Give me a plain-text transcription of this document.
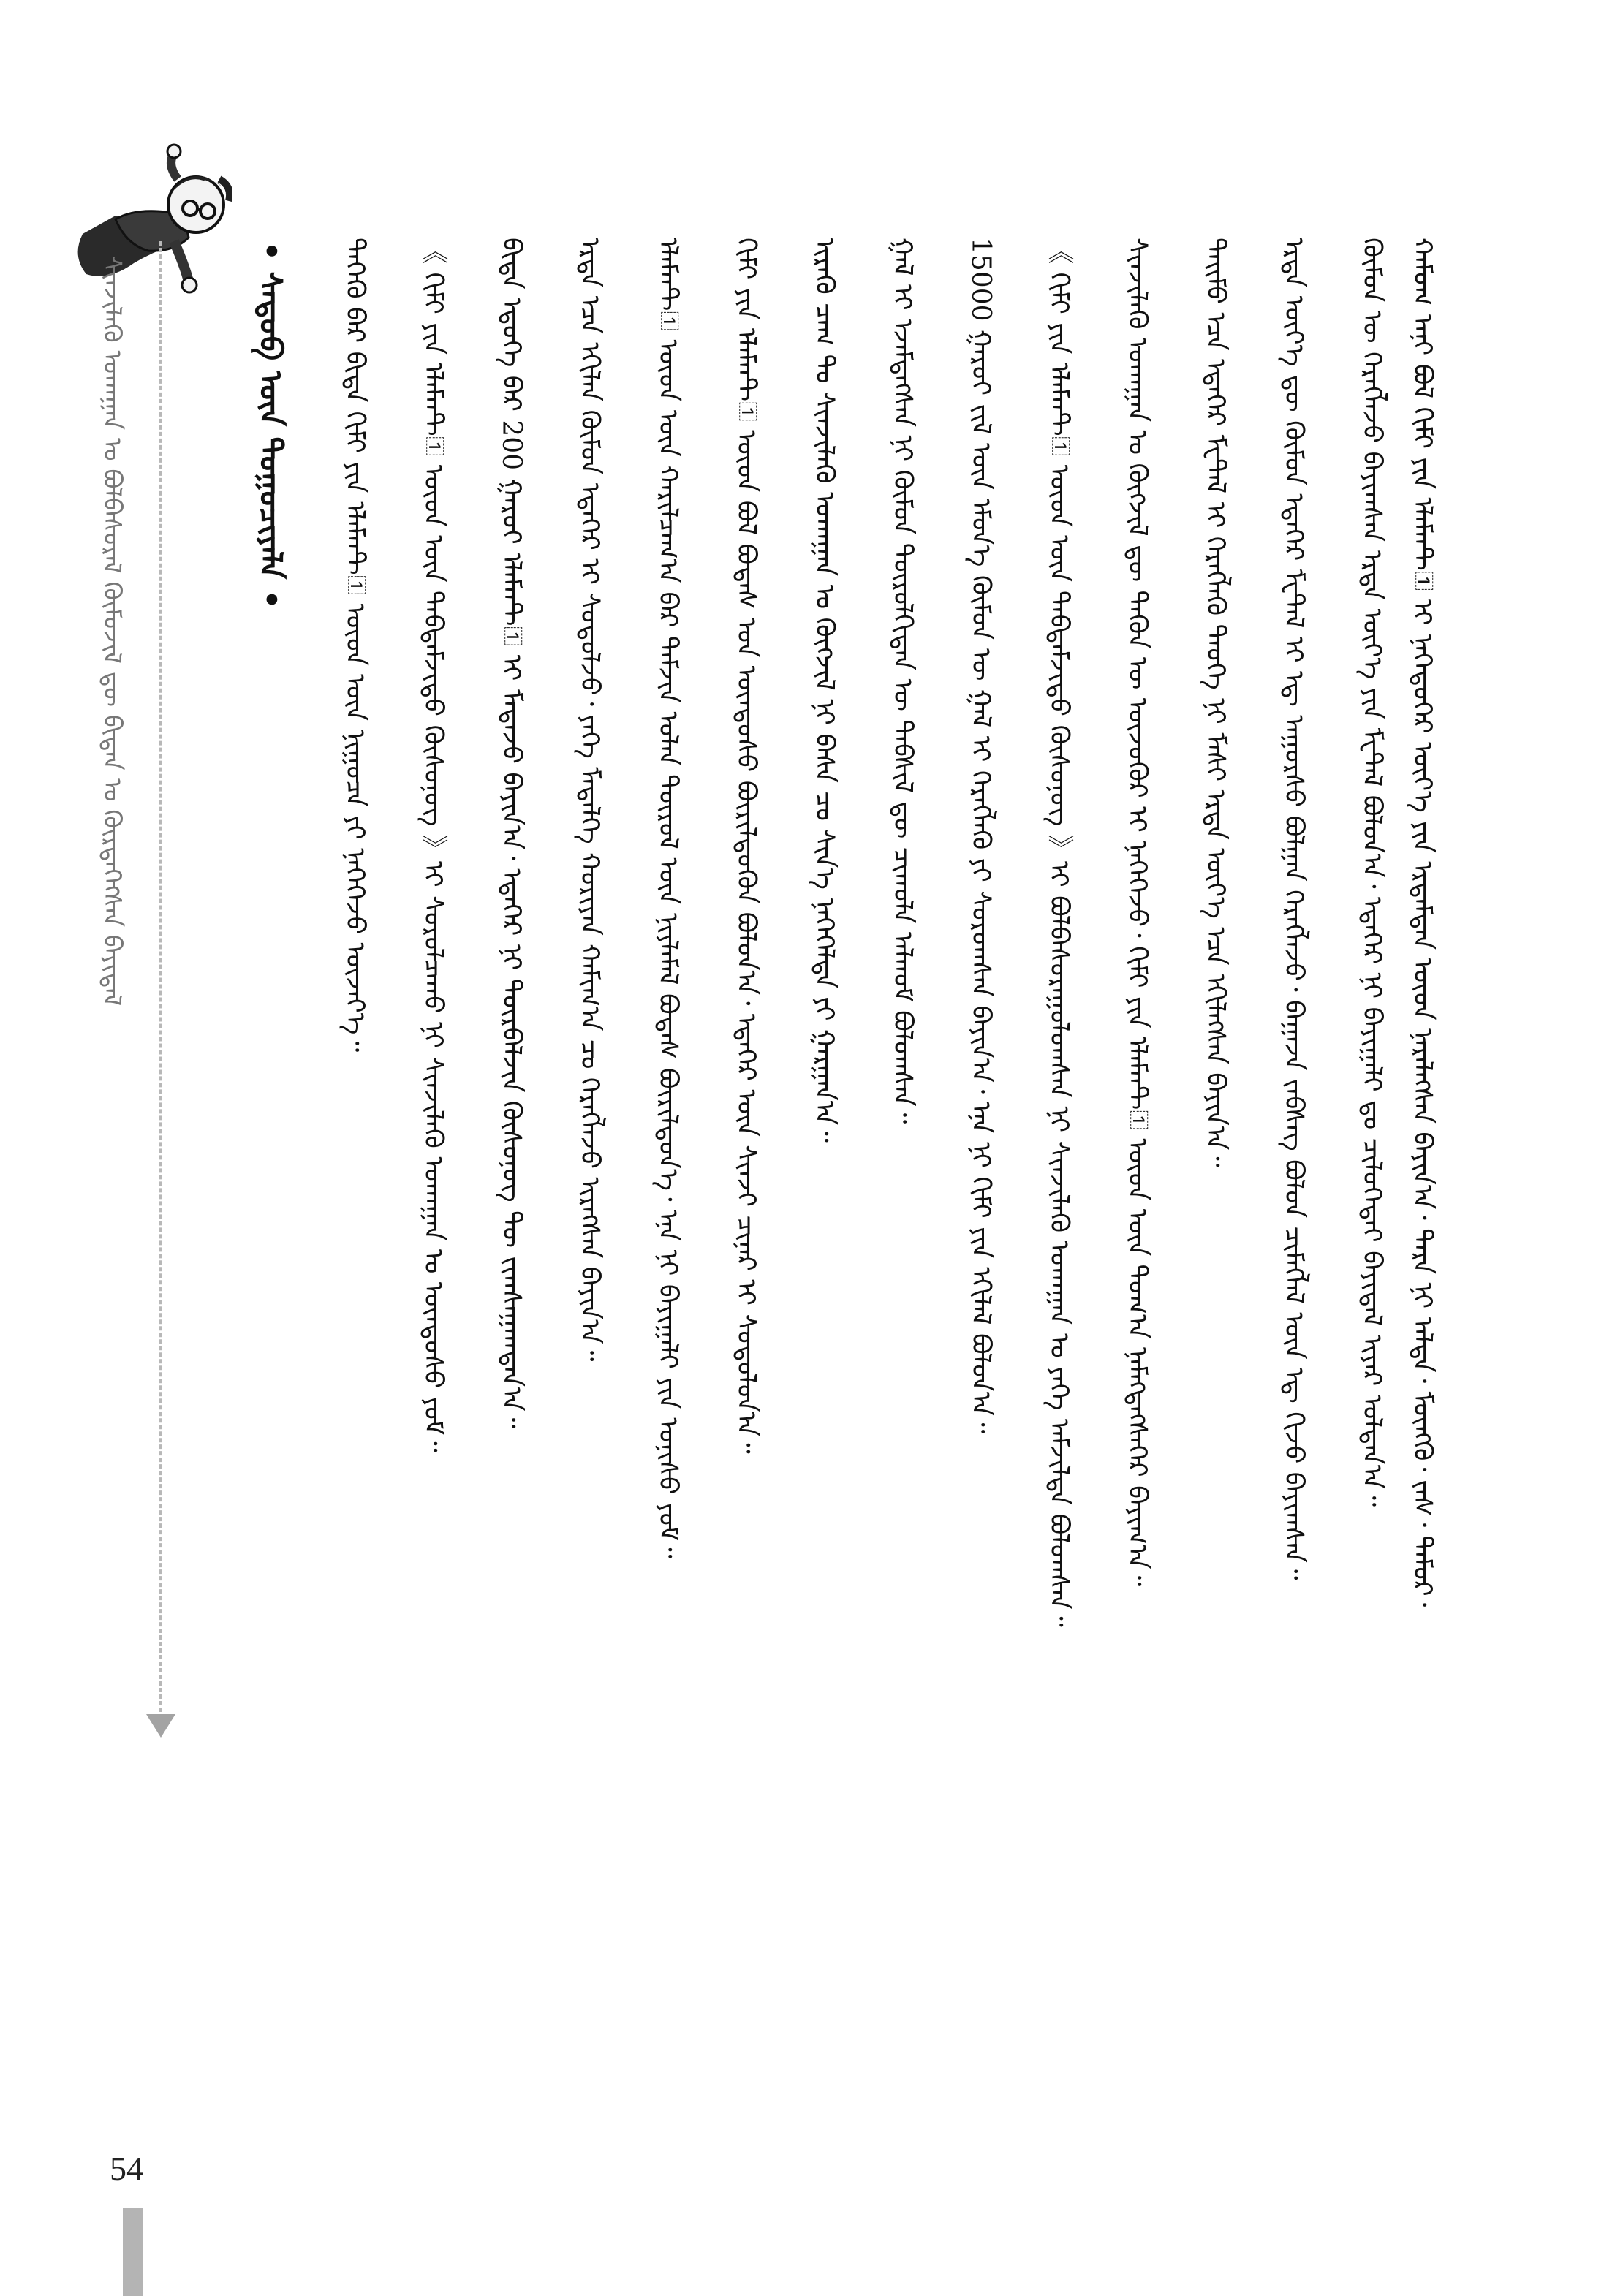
ᠰᠢᠨᠵᠢᠯᠡᠬᠦ ᠤᠬᠠᠭᠠᠨ ᠤ ᠪᠣᠯᠪᠠᠰᠤᠷᠠᠯ ᠬᠦᠮᠦᠵᠢᠯ ᠳᠦ ᠪᠢᠳᠡᠨ ᠤ ᠬᠦᠷᠲᠡᠭᠡᠭᠰᠡᠨ ᠪᠠᠶᠢᠳᠠᠯ	• ᠰᠡᠳᠦᠪ ᠦᠨ ᠲᠣᠭᠣᠴᠢᠶᠠᠯᠠ •	ᠲᠡᠭᠡᠬᠦ ᠪᠡᠷ ᠪᠢᠳᠡ ᠬᠢᠮᠢ ᠶᠢᠨ ᠡᠯᠡᠮᠡᠨᠲ᠋ ᠦᠳ ᠦᠨ ᠨᠢᠭᠤᠴᠠ ᠶᠢ ᠨᠡᠭᠡᠭᠡᠵᠦ ᠦᠵᠡᠶ᠎ᠡ᠃ 《 ᠬᠢᠮᠢ ᠶᠢᠨ ᠡᠯᠡᠮᠡᠨᠲ᠋ ᠦᠳ ᠦᠨ ᠳᠠᠪᠲᠠᠮᠵᠢᠲᠤ ᠬᠦᠰᠦᠨᠦᠭ 》ᠢ ᠰᠤᠷᠤᠯᠴᠠᠬᠤ ᠨᠢ ᠰᠢᠨᠵᠢᠯᠡᠬᠦ ᠤᠬᠠᠭᠠᠨ ᠤ ᠦᠨᠳᠦᠰᠦ ᠶᠤᠮ᠃ ᠪᠢᠳᠡ ᠡᠳᠦᠭᠡ ᠪᠠᠷ 200 ᠭᠠᠷᠤᠢ ᠡᠯᠡᠮᠡᠨᠲ᠋ ᠢ ᠮᠡᠳᠡᠵᠦ ᠪᠠᠶᠢᠨ᠎ᠠ᠂ ᠡᠳᠡᠭᠡᠷ ᠨᠢ ᠳᠦᠷᠪᠡᠯᠵᠢᠨ ᠬᠦᠰᠦᠨᠦᠭ ᠲᠦ ᠵᠢᠭᠰᠠᠭᠠᠭᠳᠠᠨ᠎ᠠ᠃ ᠡᠷᠲᠡ ᠡᠴᠡ ᠡᠬᠢᠯᠡᠨ ᠬᠦᠮᠦᠨ ᠡᠳᠡᠭᠡᠷ ᠢ ᠰᠤᠳᠤᠯᠵᠤ᠂ ᠶᠡᠬᠡ ᠮᠡᠳᠡᠯᠭᠡ ᠬᠤᠷᠢᠶᠠᠨ ᠬᠠᠮᠢᠭ᠎ᠠ ᠴᠤ ᠬᠡᠷᠡᠭᠯᠡᠵᠦ ᠢᠷᠡᠭᠰᠡᠨ ᠪᠠᠶᠢᠨ᠎ᠠ᠃ ᠡᠯᠡᠮᠡᠨᠲ᠋ ᠦᠳ ᠦᠨ ᠬᠠᠷᠢᠯᠴᠠᠭ᠎ᠠ ᠪᠠᠷ ᠳᠠᠮᠵᠢᠨ ᠣᠯᠠᠨ ᠲᠦᠷᠦᠯ ᠦᠨ ᠨᠢᠶᠯᠡᠮᠡᠯ ᠪᠣᠳᠠᠰ ᠪᠦᠷᠢᠯᠳᠦᠨ᠎ᠡ᠂ ᠡᠨᠡ ᠨᠢ ᠪᠠᠶᠢᠭᠠᠯᠢ ᠶᠢᠨ ᠣᠨᠢᠰᠤ ᠶᠤᠮ᠃ ᠬᠢᠮᠢ ᠶᠢᠨ ᠡᠯᠡᠮᠡᠨᠲ᠋ ᠦᠳ ᠪᠣᠯ ᠪᠣᠳᠠᠰ ᠤᠨ ᠦᠨᠳᠦᠰᠦ ᠪᠦᠷᠢᠯᠳᠦᠬᠦᠨ ᠪᠣᠯᠤᠨ᠎ᠠ᠂ ᠡᠳᠡᠭᠡᠷ ᠦᠨ ᠰᠢᠨᠵᠢ ᠴᠢᠨᠠᠷ ᠢ ᠰᠤᠳᠤᠯᠤᠨ᠎ᠠ᠃ ᠢᠷᠡᠬᠦ ᠴᠠᠭ ᠲᠤ ᠰᠢᠨᠵᠢᠯᠡᠬᠦ ᠤᠬᠠᠭᠠᠨ ᠤ ᠬᠦᠭᠵᠢᠯ ᠨᠢ ᠪᠠᠰᠠ ᠴᠤ ᠰᠢᠨ᠎ᠡ ᠨᠡᠭᠡᠭᠡᠯᠲᠡ ᠶᠢ ᠭᠠᠷᠭᠠᠨ᠎ᠠ᠃ ᠭᠠᠯ ᠢ ᠡᠵᠡᠮᠳᠡᠭᠰᠡᠨ ᠨᠢ ᠬᠦᠮᠦᠨ ᠲᠥᠷᠦᠯᠬᠢᠲᠡᠨ ᠦ ᠳᠡᠪᠰᠢᠯ ᠳᠦ ᠴᠢᠬᠤᠯᠠ ᠠᠯᠬᠤᠮ ᠪᠣᠯᠤᠭᠰᠠᠨ᠃ 15000 ᠭᠠᠷᠤᠢ ᠵᠢᠯ ᠦᠨ ᠡᠮᠦᠨ᠎ᠡ ᠬᠦᠮᠦᠨ ᠦ ᠭᠠᠯ ᠢ ᠬᠡᠷᠡᠭᠯᠡᠬᠦ ᠶᠢ ᠰᠤᠷᠤᠭᠰᠠᠨ ᠪᠠᠶᠢᠨ᠎ᠠ᠂ ᠡᠨᠡ ᠨᠢ ᠬᠢᠮᠢ ᠶᠢᠨ ᠡᠬᠢᠯᠡᠯ ᠪᠣᠯᠤᠨ᠎ᠠ᠃ 《 ᠬᠢᠮᠢ ᠶᠢᠨ ᠡᠯᠡᠮᠡᠨᠲ᠋ ᠦᠳ ᠦᠨ ᠳᠠᠪᠲᠠᠮᠵᠢᠲᠤ ᠬᠦᠰᠦᠨᠦᠭ 》ᠢ ᠪᠣᠯᠪᠠᠰᠤᠷᠠᠭᠤᠯᠤᠭᠰᠠᠨ ᠨᠢ ᠰᠢᠨᠵᠢᠯᠡᠬᠦ ᠤᠬᠠᠭᠠᠨ ᠤ ᠶᠡᠬᠡ ᠠᠮᠵᠢᠯᠲᠠ ᠪᠣᠯᠤᠭᠰᠠᠨ᠃ ᠰᠢᠨᠵᠢᠯᠡᠬᠦ ᠤᠬᠠᠭᠠᠨ ᠤ ᠬᠦᠭᠵᠢᠯ ᠳᠦ ᠲᠡᠭᠦᠨ ᠦ ᠦᠵᠦᠭᠦᠷ ᠢ ᠨᠡᠭᠡᠭᠡᠵᠦ᠂ ᠬᠢᠮᠢ ᠶᠢᠨ ᠡᠯᠡᠮᠡᠨᠲ᠋ ᠦᠳ ᠦᠨ ᠲᠣᠭ᠎ᠠ ᠨᠡᠮᠡᠭᠳᠡᠭᠰᠡᠭᠡᠷ ᠪᠠᠶᠢᠭ᠎ᠠ᠃ ᠲᠡᠢᠮᠦ ᠡᠴᠡ ᠡᠳᠡᠭᠡᠷ ᠮᠸᠲ᠋ᠠᠯ ᠢ ᠬᠡᠷᠡᠭᠯᠡᠬᠦ ᠲᠡᠦᠬᠡ ᠨᠢ ᠮᠠᠰᠢ ᠡᠷᠲᠡ ᠦᠶ᠎ᠡ ᠡᠴᠡ ᠡᠬᠢᠯᠡᠭᠰᠡᠨ ᠪᠠᠶᠢᠨ᠎ᠠ᠃ ᠡᠷᠲᠡ ᠦᠶ᠎ᠡ ᠳᠦ ᠬᠦᠮᠦᠨ ᠡᠳᠡᠭᠡᠷ ᠮᠸᠲ᠋ᠠᠯ ᠢ ᠡᠳ᠋ ᠠᠭᠤᠷᠰᠤ ᠪᠣᠯᠭᠠᠨ ᠬᠡᠷᠡᠭᠯᠡᠵᠦ᠂ ᠪᠠᠭᠠᠵᠠ ᠵᠡᠪᠰᠡᠭ ᠪᠣᠯᠤᠨ ᠴᠢᠮᠡᠭᠯᠡᠯ ᠦᠨ ᠡᠳ᠋ ᠬᠢᠵᠦ ᠪᠠᠶᠢᠭᠰᠠᠨ᠃ ᠬᠦᠮᠦᠨ ᠦ ᠬᠡᠷᠡᠭᠯᠡᠵᠦ ᠪᠠᠶᠢᠭᠰᠠᠨ ᠡᠷᠲᠡ ᠦᠶ᠎ᠡ ᠶᠢᠨ ᠮᠸᠲ᠋ᠠᠯ ᠪᠣᠯᠤᠨ᠎ᠠ᠂ ᠡᠳᠡᠭᠡᠷ ᠨᠢ ᠪᠠᠶᠢᠭᠠᠯᠢ ᠳᠤ ᠴᠢᠯᠦᠭᠡᠲᠡᠢ ᠪᠠᠶᠢᠳᠠᠯ ᠢᠶᠠᠷ ᠣᠯᠳᠠᠨ᠎ᠠ᠃ ᠬᠠᠮᠤᠭ ᠠᠨᠢ ᠪᠣᠯ ᠬᠢᠮᠢ ᠶᠢᠨ ᠡᠯᠡᠮᠡᠨᠲ᠋ ᠢ ᠨᠡᠭᠡᠳᠦᠭᠡᠷ ᠦᠶ᠎ᠡ ᠶᠢᠨ ᠡᠷᠳᠡᠮᠳᠡᠨ ᠦᠳ ᠨᠡᠷᠡᠯᠡᠭᠰᠡᠨ ᠪᠠᠶᠢᠨ᠎ᠠ᠂ ᠲᠡᠷᠡ ᠨᠢ ᠠᠯᠲᠠ᠂ ᠮᠥᠩᠭᠦ᠂ ᠵᠡᠰ᠂ ᠲᠡᠮᠦᠷ᠂
54
